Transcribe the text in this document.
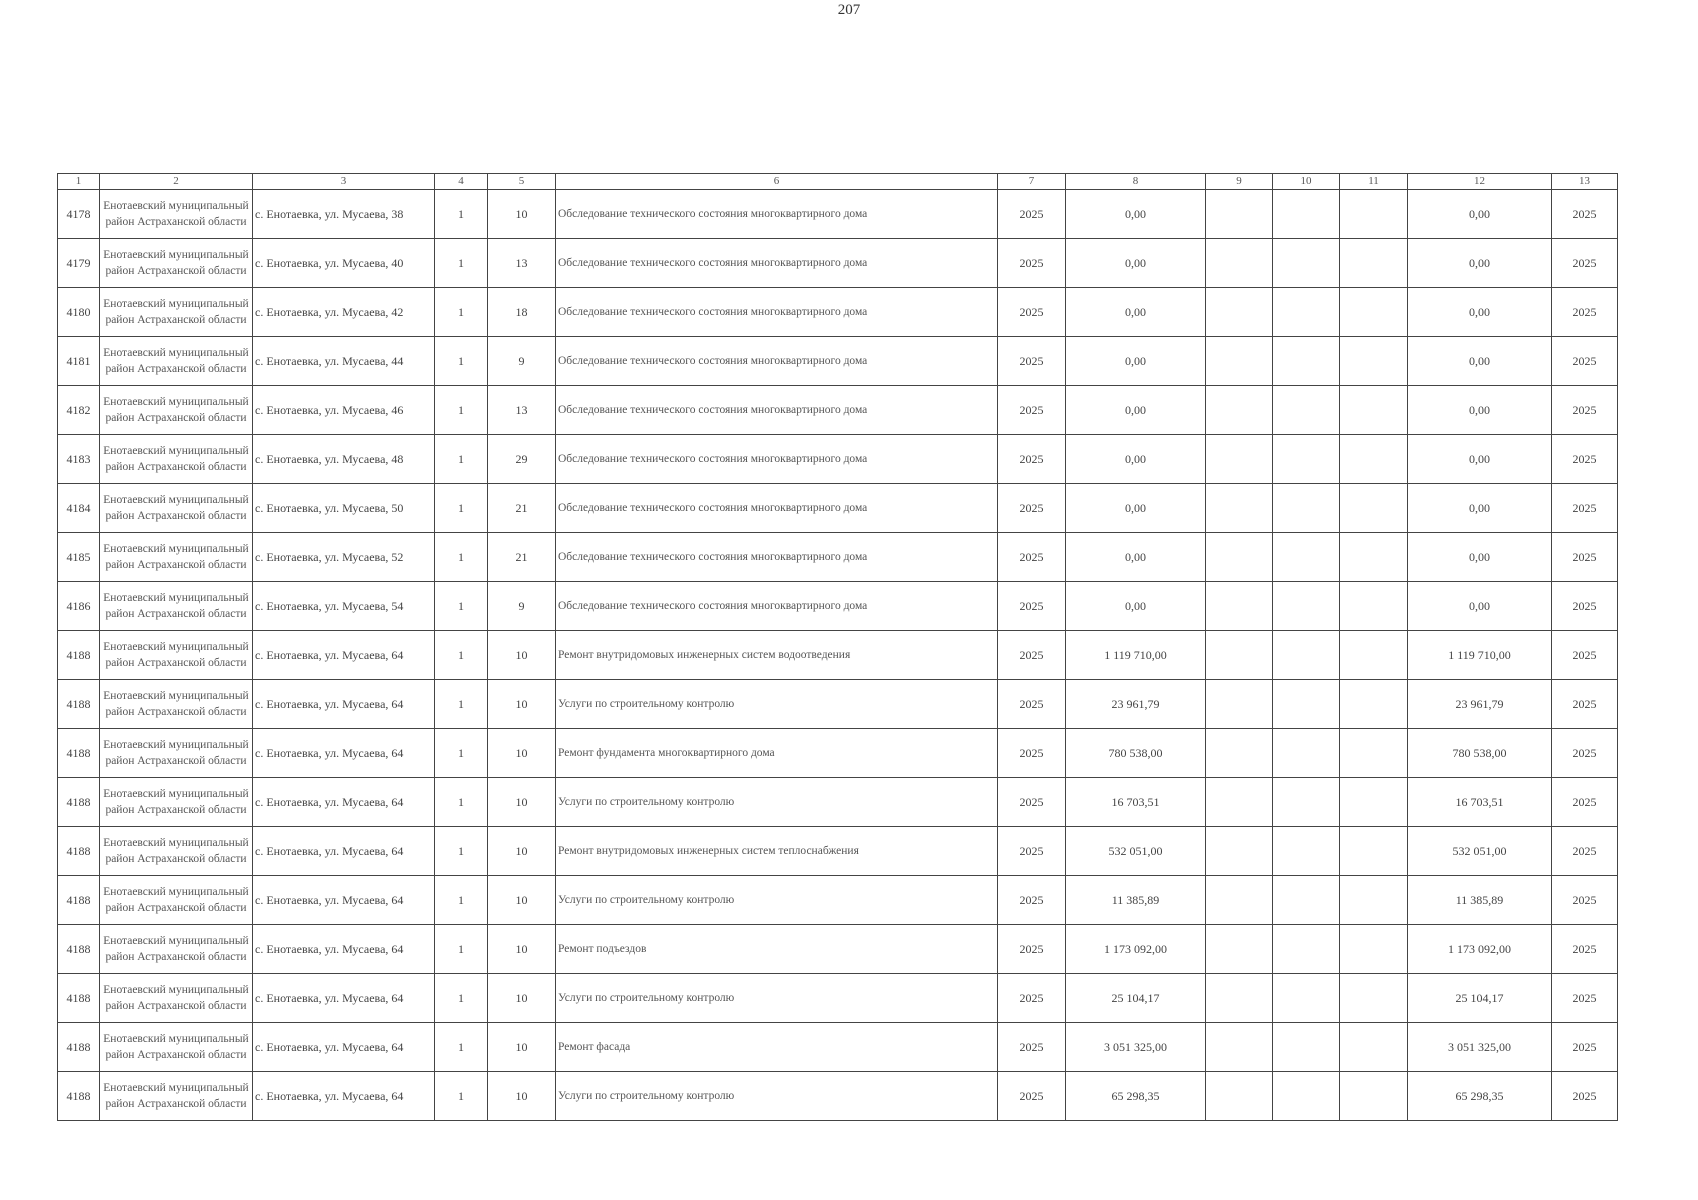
207
1	2	3	4	5	6	7	8	9	10	11	12	13
4178	Енотаевский муниципальный район Астраханской области	с. Енотаевка, ул. Мусаева, 38	1	10	Обследование технического состояния многоквартирного дома	2025	0,00				0,00	2025
4179	Енотаевский муниципальный район Астраханской области	с. Енотаевка, ул. Мусаева, 40	1	13	Обследование технического состояния многоквартирного дома	2025	0,00				0,00	2025
4180	Енотаевский муниципальный район Астраханской области	с. Енотаевка, ул. Мусаева, 42	1	18	Обследование технического состояния многоквартирного дома	2025	0,00				0,00	2025
4181	Енотаевский муниципальный район Астраханской области	с. Енотаевка, ул. Мусаева, 44	1	9	Обследование технического состояния многоквартирного дома	2025	0,00				0,00	2025
4182	Енотаевский муниципальный район Астраханской области	с. Енотаевка, ул. Мусаева, 46	1	13	Обследование технического состояния многоквартирного дома	2025	0,00				0,00	2025
4183	Енотаевский муниципальный район Астраханской области	с. Енотаевка, ул. Мусаева, 48	1	29	Обследование технического состояния многоквартирного дома	2025	0,00				0,00	2025
4184	Енотаевский муниципальный район Астраханской области	с. Енотаевка, ул. Мусаева, 50	1	21	Обследование технического состояния многоквартирного дома	2025	0,00				0,00	2025
4185	Енотаевский муниципальный район Астраханской области	с. Енотаевка, ул. Мусаева, 52	1	21	Обследование технического состояния многоквартирного дома	2025	0,00				0,00	2025
4186	Енотаевский муниципальный район Астраханской области	с. Енотаевка, ул. Мусаева, 54	1	9	Обследование технического состояния многоквартирного дома	2025	0,00				0,00	2025
4188	Енотаевский муниципальный район Астраханской области	с. Енотаевка, ул. Мусаева, 64	1	10	Ремонт внутридомовых инженерных систем водоотведения	2025	1 119 710,00				1 119 710,00	2025
4188	Енотаевский муниципальный район Астраханской области	с. Енотаевка, ул. Мусаева, 64	1	10	Услуги по строительному контролю	2025	23 961,79				23 961,79	2025
4188	Енотаевский муниципальный район Астраханской области	с. Енотаевка, ул. Мусаева, 64	1	10	Ремонт фундамента многоквартирного дома	2025	780 538,00				780 538,00	2025
4188	Енотаевский муниципальный район Астраханской области	с. Енотаевка, ул. Мусаева, 64	1	10	Услуги по строительному контролю	2025	16 703,51				16 703,51	2025
4188	Енотаевский муниципальный район Астраханской области	с. Енотаевка, ул. Мусаева, 64	1	10	Ремонт внутридомовых инженерных систем теплоснабжения	2025	532 051,00				532 051,00	2025
4188	Енотаевский муниципальный район Астраханской области	с. Енотаевка, ул. Мусаева, 64	1	10	Услуги по строительному контролю	2025	11 385,89				11 385,89	2025
4188	Енотаевский муниципальный район Астраханской области	с. Енотаевка, ул. Мусаева, 64	1	10	Ремонт подъездов	2025	1 173 092,00				1 173 092,00	2025
4188	Енотаевский муниципальный район Астраханской области	с. Енотаевка, ул. Мусаева, 64	1	10	Услуги по строительному контролю	2025	25 104,17				25 104,17	2025
4188	Енотаевский муниципальный район Астраханской области	с. Енотаевка, ул. Мусаева, 64	1	10	Ремонт фасада	2025	3 051 325,00				3 051 325,00	2025
4188	Енотаевский муниципальный район Астраханской области	с. Енотаевка, ул. Мусаева, 64	1	10	Услуги по строительному контролю	2025	65 298,35				65 298,35	2025
